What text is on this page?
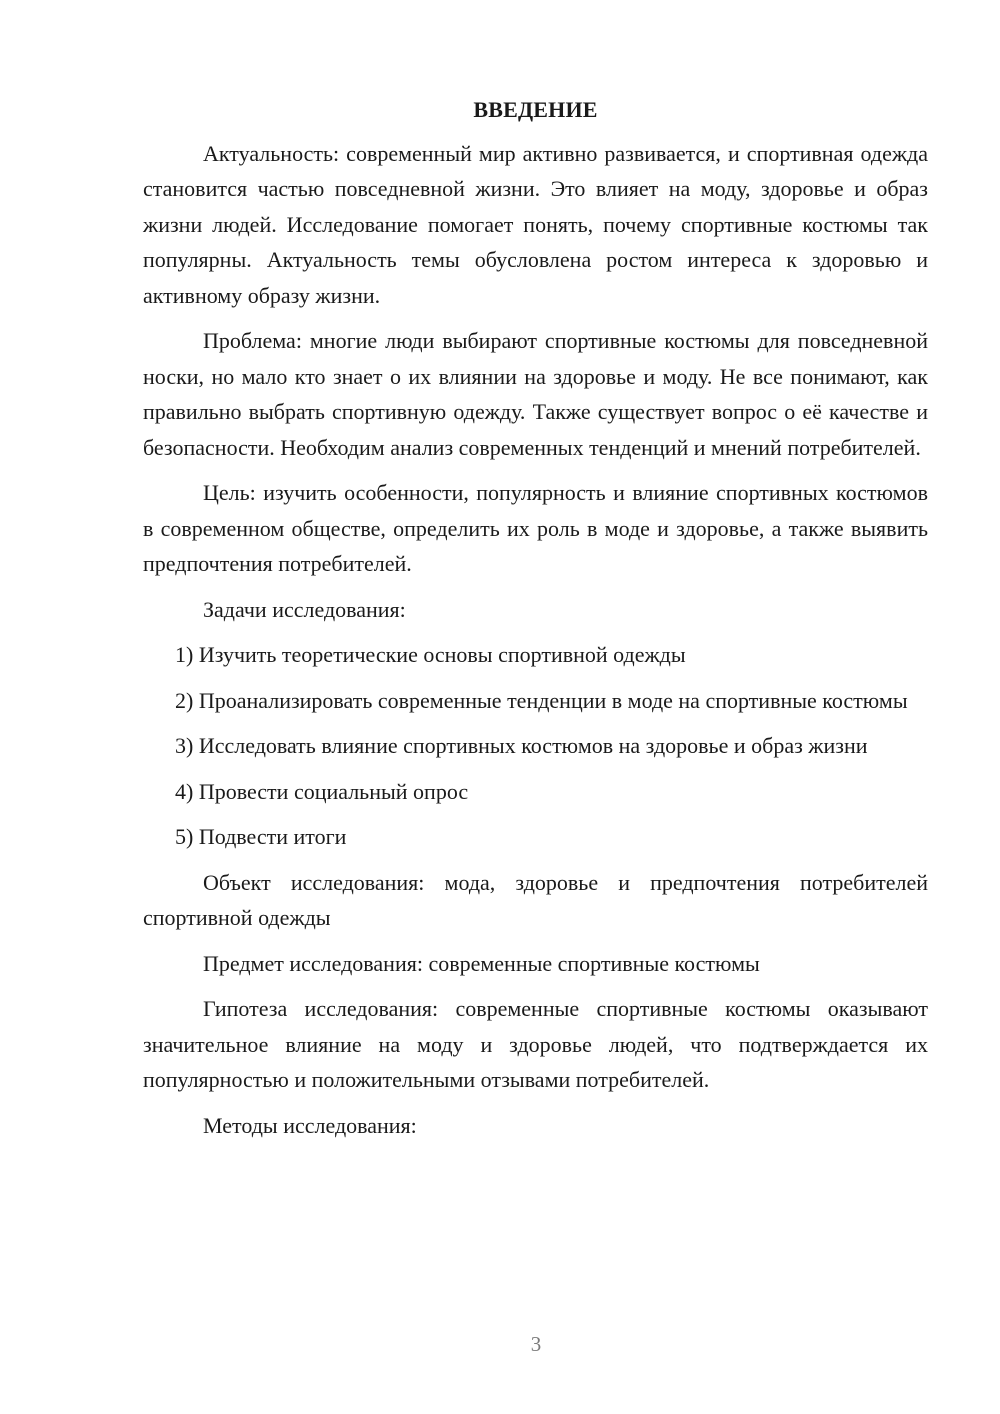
ВВЕДЕНИЕ

Актуальность: современный мир активно развивается, и спортивная одежда становится частью повседневной жизни. Это влияет на моду, здоровье и образ жизни людей. Исследование помогает понять, почему спортивные костюмы так популярны. Актуальность темы обусловлена ростом интереса к здоровью и активному образу жизни.

Проблема: многие люди выбирают спортивные костюмы для повседневной носки, но мало кто знает о их влиянии на здоровье и моду. Не все понимают, как правильно выбрать спортивную одежду. Также существует вопрос о её качестве и безопасности. Необходим анализ современных тенденций и мнений потребителей.

Цель: изучить особенности, популярность и влияние спортивных костюмов в современном обществе, определить их роль в моде и здоровье, а также выявить предпочтения потребителей.

Задачи исследования:

1) Изучить теоретические основы спортивной одежды

2) Проанализировать современные тенденции в моде на спортивные костюмы

3) Исследовать влияние спортивных костюмов на здоровье и образ жизни

4) Провести социальный опрос

5) Подвести итоги

Объект исследования: мода, здоровье и предпочтения потребителей спортивной одежды

Предмет исследования: современные спортивные костюмы

Гипотеза исследования: современные спортивные костюмы оказывают значительное влияние на моду и здоровье людей, что подтверждается их популярностью и положительными отзывами потребителей.

Методы исследования:

3
